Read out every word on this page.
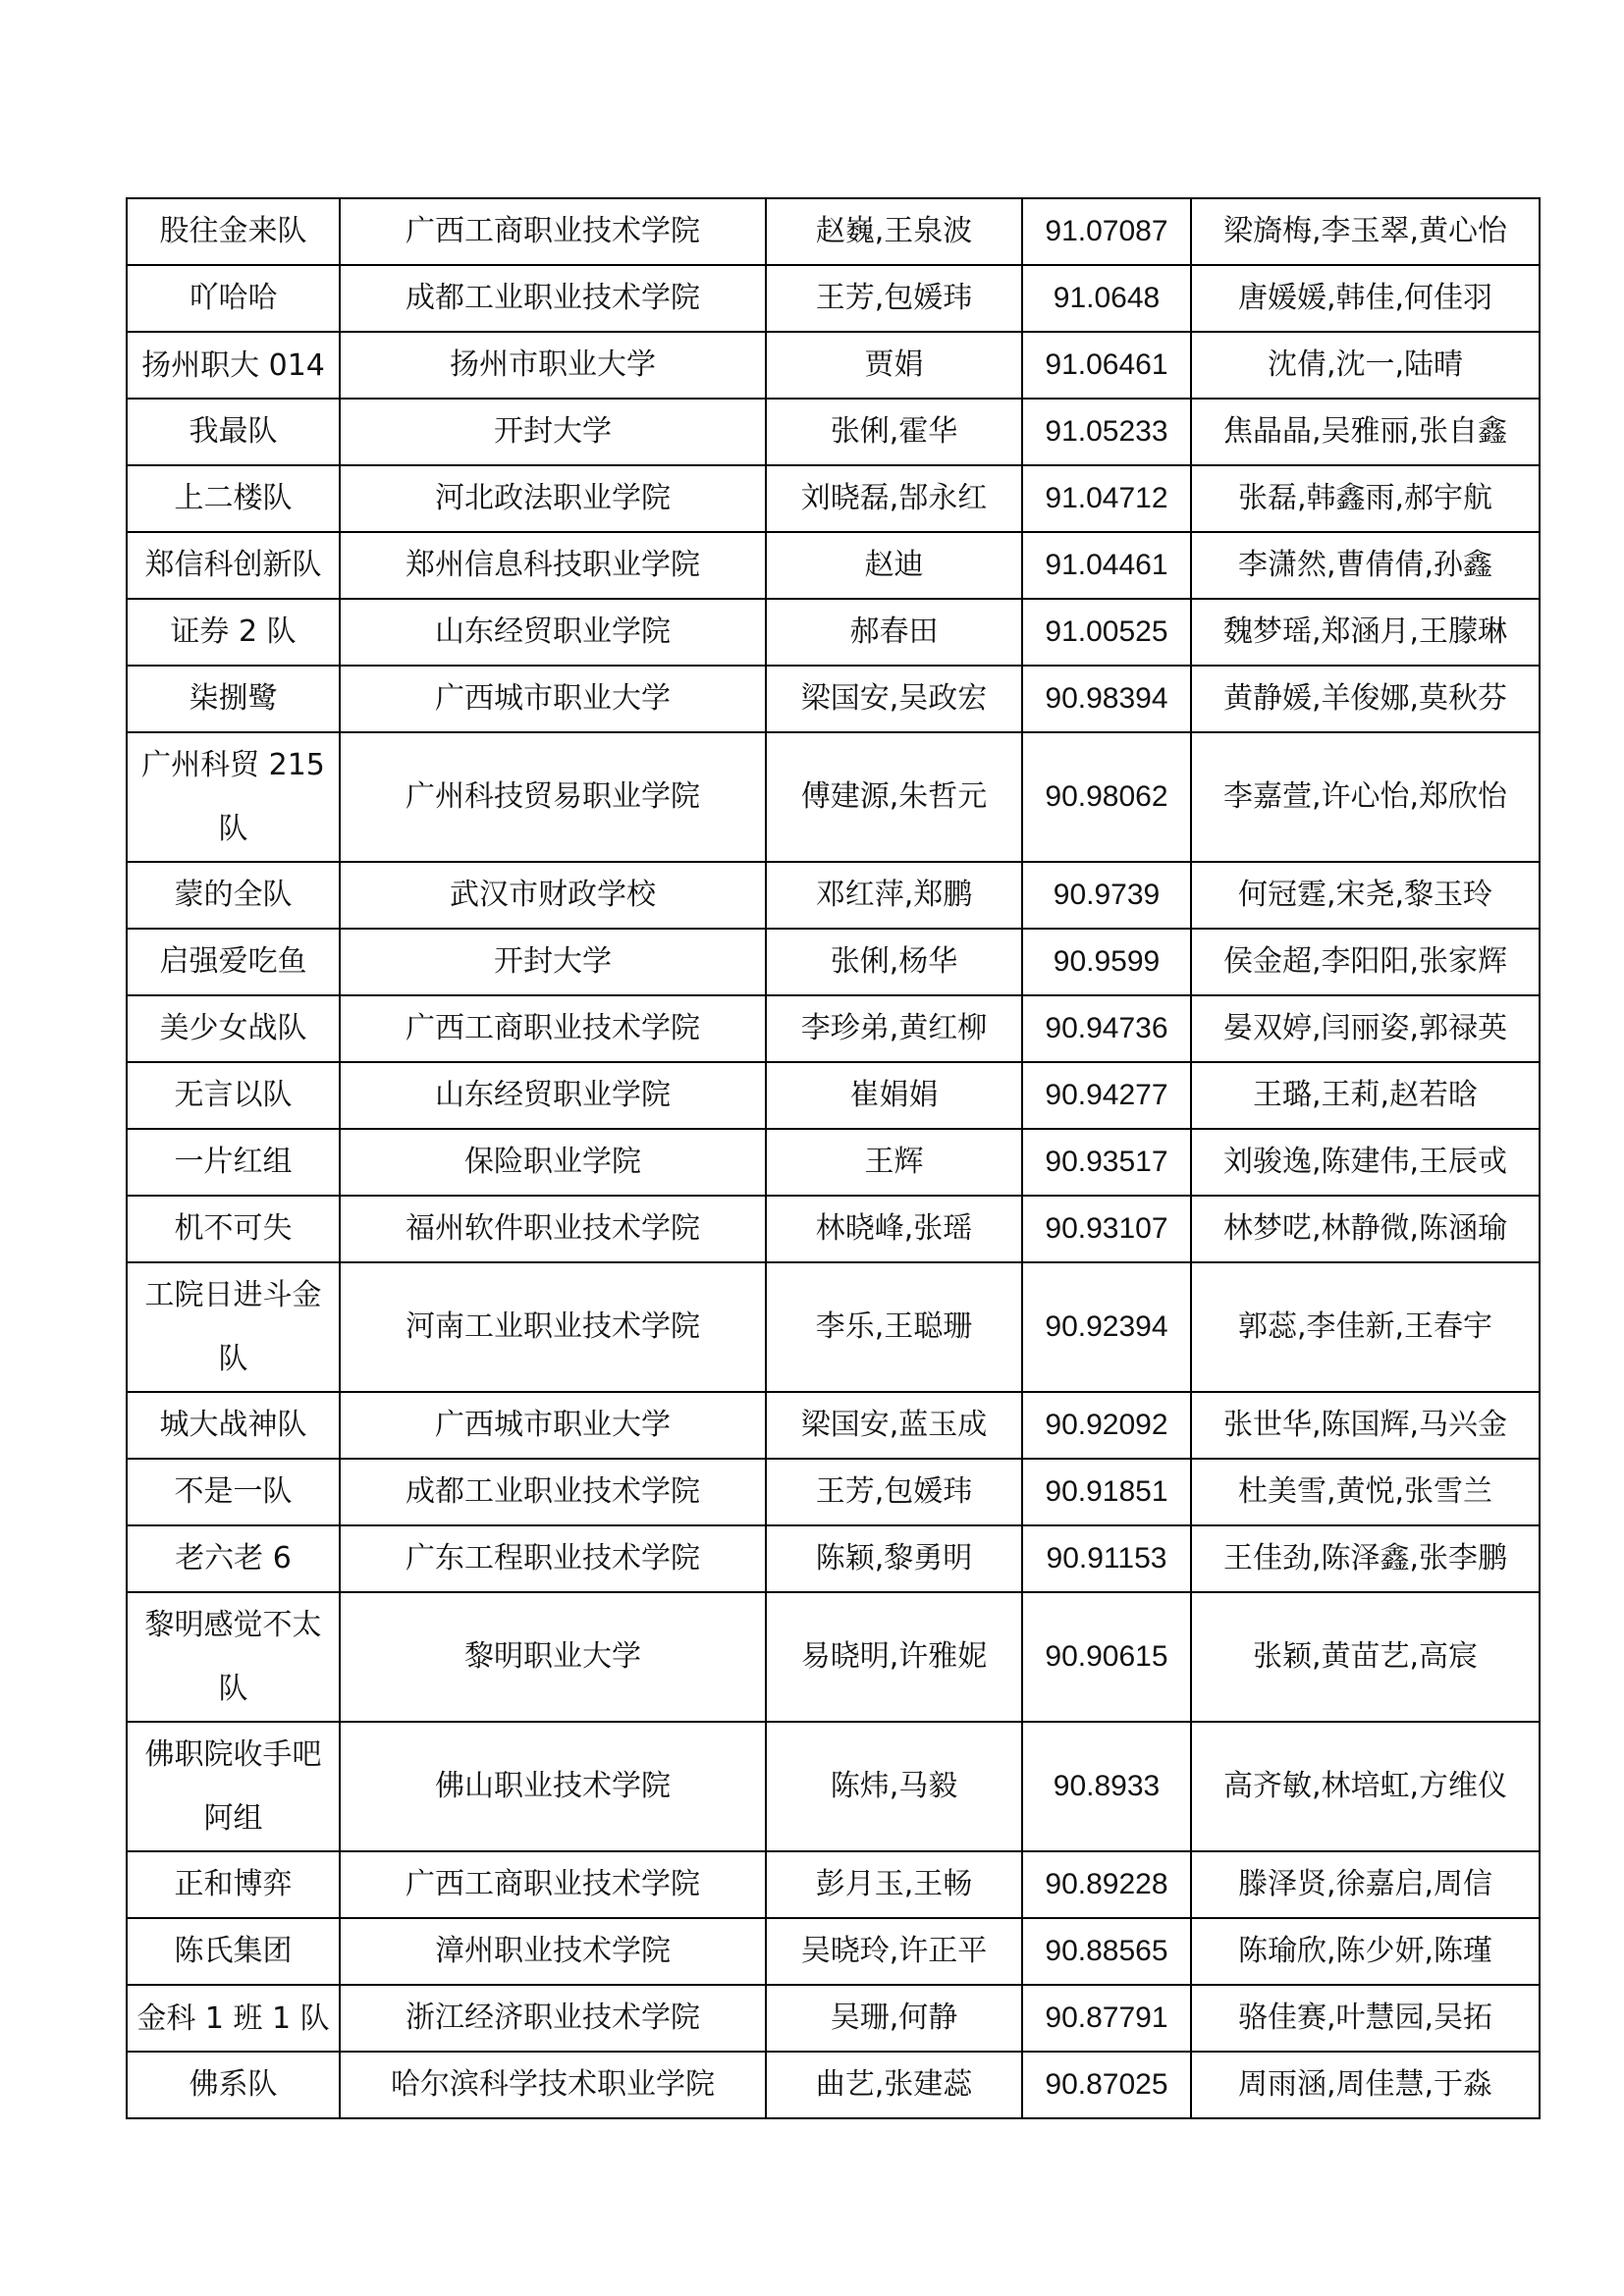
股往金来队	广西工商职业技术学院	赵巍,王泉波	91.07087	梁旖梅,李玉翠,黄心怡
吖哈哈	成都工业职业技术学院	王芳,包媛玮	91.0648	唐媛媛,韩佳,何佳羽
扬州职大 014	扬州市职业大学	贾娟	91.06461	沈倩,沈一,陆晴
我最队	开封大学	张俐,霍华	91.05233	焦晶晶,吴雅丽,张自鑫
上二楼队	河北政法职业学院	刘晓磊,郜永红	91.04712	张磊,韩鑫雨,郝宇航
郑信科创新队	郑州信息科技职业学院	赵迪	91.04461	李潇然,曹倩倩,孙鑫
证券 2 队	山东经贸职业学院	郝春田	91.00525	魏梦瑶,郑涵月,王朦琳
柒捌鹭	广西城市职业大学	梁国安,吴政宏	90.98394	黄静媛,羊俊娜,莫秋芬
广州科贸 215 队	广州科技贸易职业学院	傅建源,朱哲元	90.98062	李嘉萱,许心怡,郑欣怡
蒙的全队	武汉市财政学校	邓红萍,郑鹏	90.9739	何冠霆,宋尧,黎玉玲
启强爱吃鱼	开封大学	张俐,杨华	90.9599	侯金超,李阳阳,张家辉
美少女战队	广西工商职业技术学院	李珍弟,黄红柳	90.94736	晏双婷,闫丽姿,郭禄英
无言以队	山东经贸职业学院	崔娟娟	90.94277	王璐,王莉,赵若晗
一片红组	保险职业学院	王辉	90.93517	刘骏逸,陈建伟,王辰戓
机不可失	福州软件职业技术学院	林晓峰,张瑶	90.93107	林梦呓,林静微,陈涵瑜
工院日进斗金队	河南工业职业技术学院	李乐,王聪珊	90.92394	郭蕊,李佳新,王春宇
城大战神队	广西城市职业大学	梁国安,蓝玉成	90.92092	张世华,陈国辉,马兴金
不是一队	成都工业职业技术学院	王芳,包媛玮	90.91851	杜美雪,黄悦,张雪兰
老六老 6	广东工程职业技术学院	陈颖,黎勇明	90.91153	王佳劲,陈泽鑫,张李鹏
黎明感觉不太队	黎明职业大学	易晓明,许雅妮	90.90615	张颖,黄苗艺,高宸
佛职院收手吧阿组	佛山职业技术学院	陈炜,马毅	90.8933	高齐敏,林培虹,方维仪
正和博弈	广西工商职业技术学院	彭月玉,王畅	90.89228	滕泽贤,徐嘉启,周信
陈氏集团	漳州职业技术学院	吴晓玲,许正平	90.88565	陈瑜欣,陈少妍,陈瑾
金科 1 班 1 队	浙江经济职业技术学院	吴珊,何静	90.87791	骆佳赛,叶慧园,吴拓
佛系队	哈尔滨科学技术职业学院	曲艺,张建蕊	90.87025	周雨涵,周佳慧,于淼
